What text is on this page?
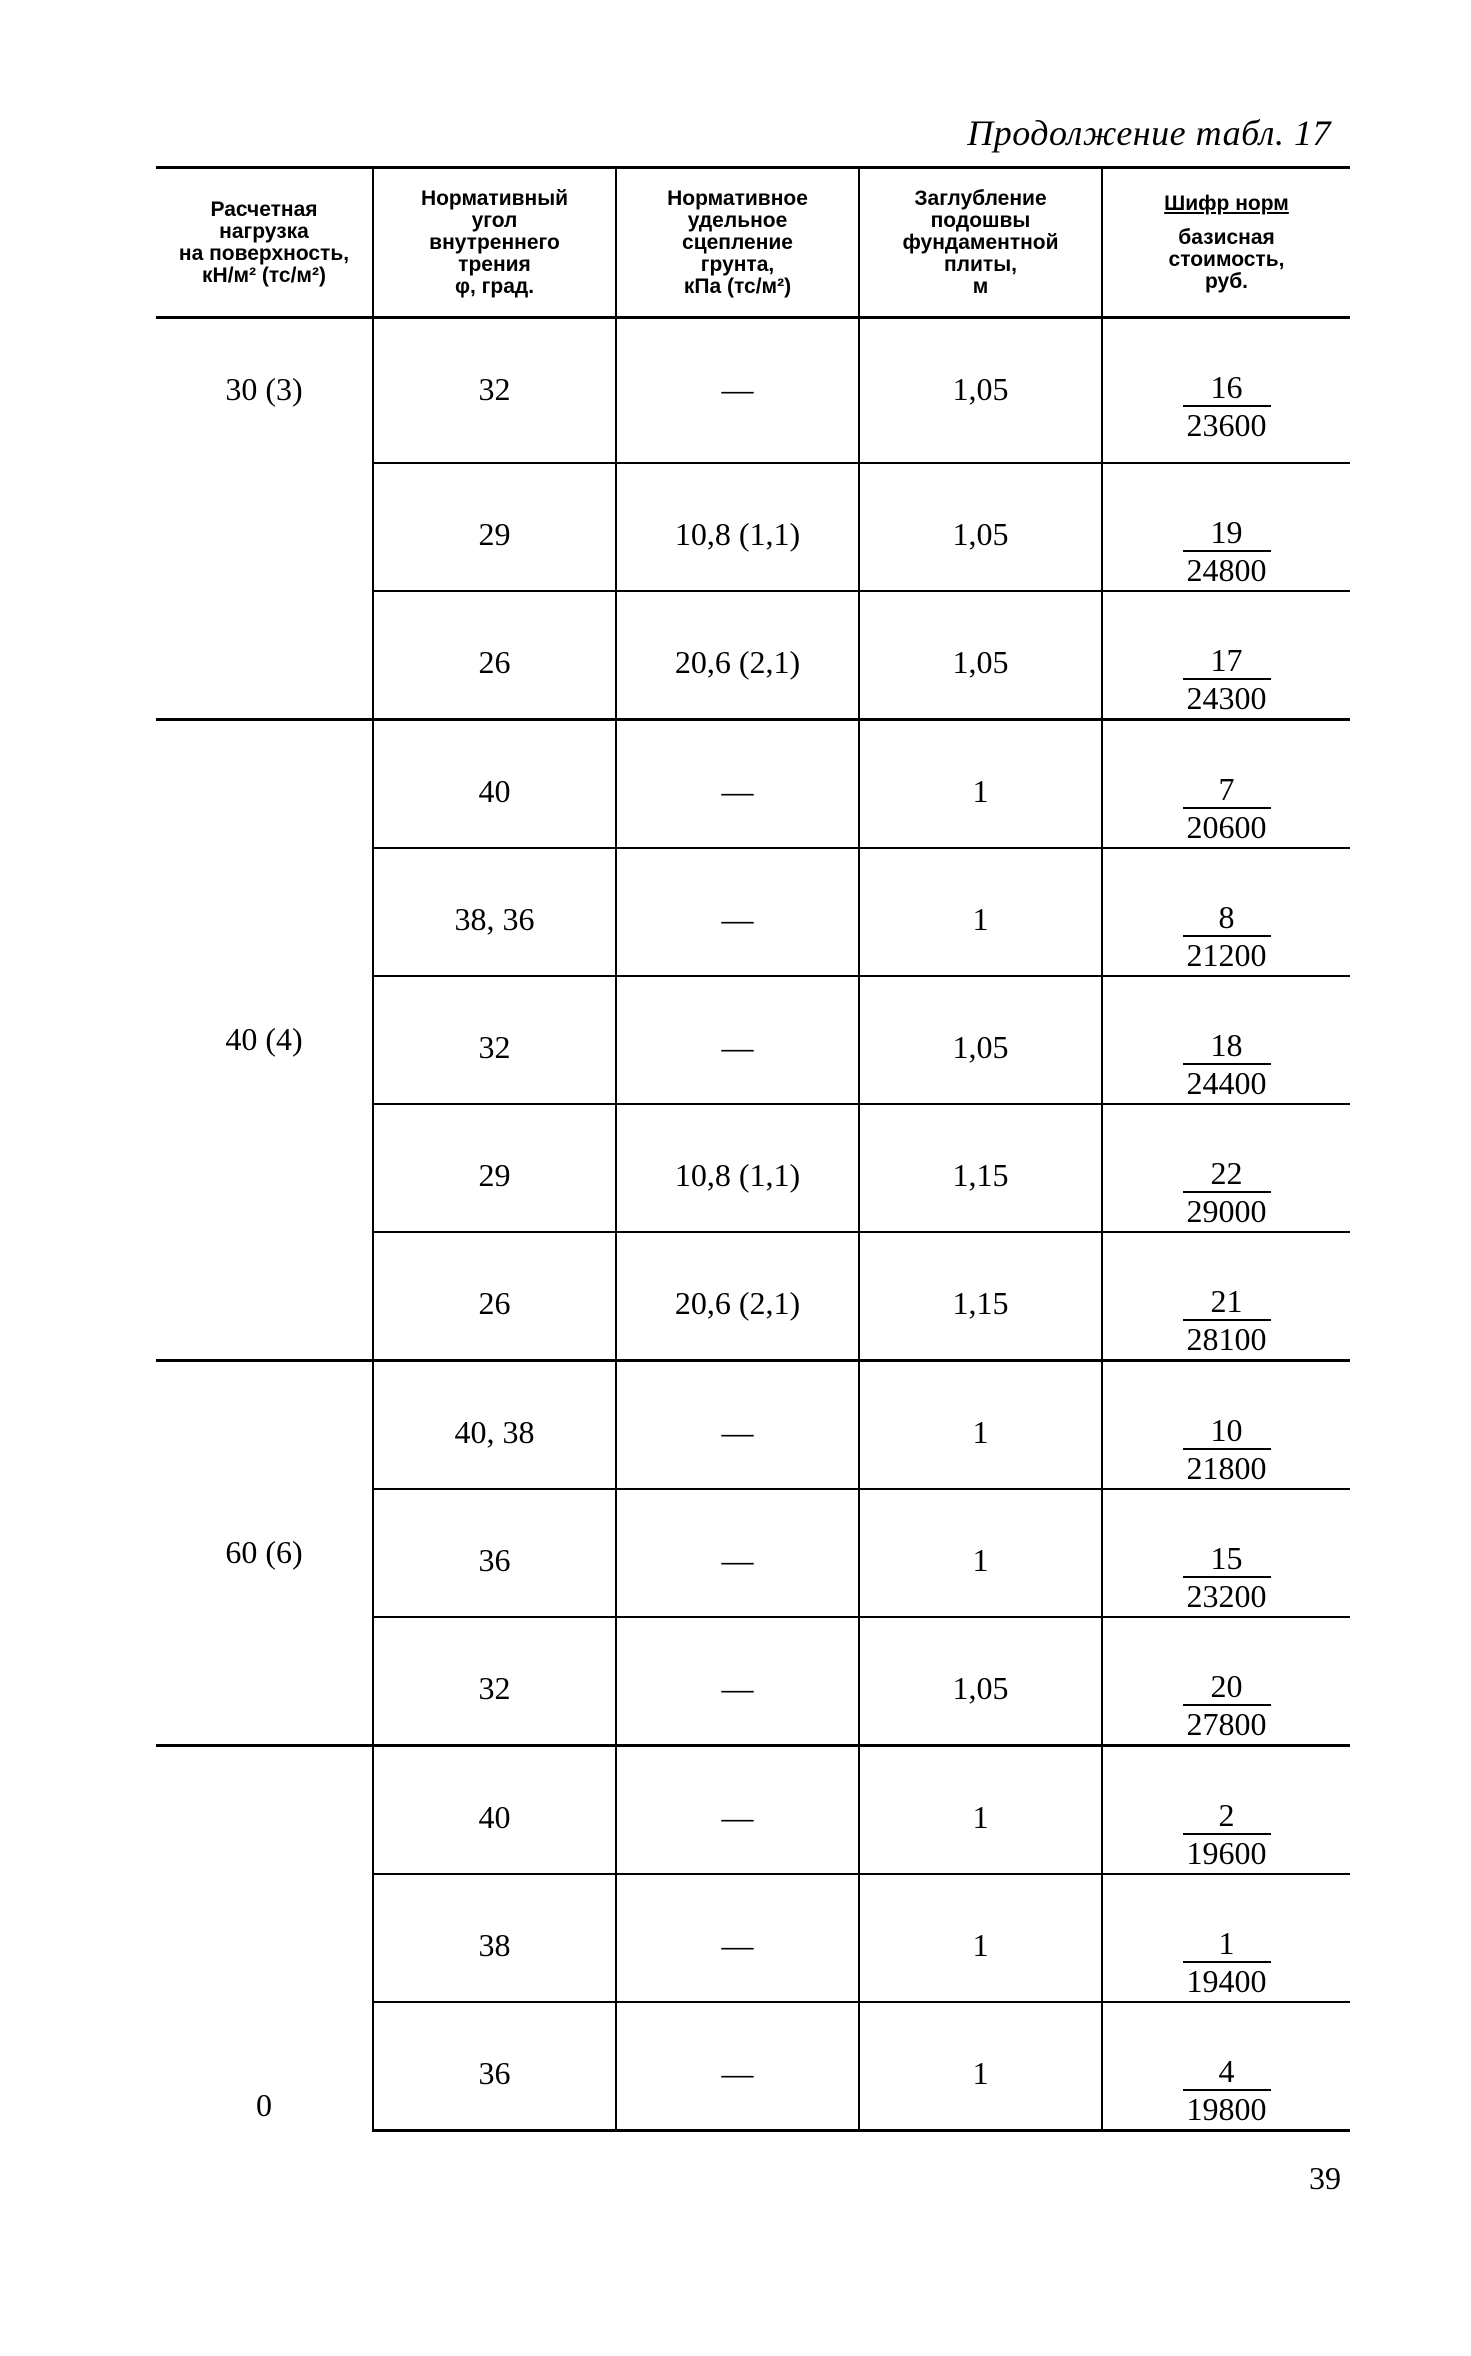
Продолжение табл. 17
Расчетная
нагрузка
на поверхность,
кН/м² (тс/м²)	Нормативный
угол
внутреннего
трения
φ, град.	Нормативное
удельное
сцепление
грунта,
кПа (тс/м²)	Заглубление
подошвы
фундаментной
плиты,
м	Шифр норм
базисная
стоимость,
руб.

30 (3)	32	—	1,05	$\frac{16}{23600}$

	29	10,8 (1,1)	1,05	$\frac{19}{24800}$

	26	20,6 (2,1)	1,05	$\frac{17}{24300}$

40 (4)	40	—	1	$\frac{7}{20600}$

	38, 36	—	1	$\frac{8}{21200}$

	32	—	1,05	$\frac{18}{24400}$

	29	10,8 (1,1)	1,15	$\frac{22}{29000}$

	26	20,6 (2,1)	1,15	$\frac{21}{28100}$

60 (6)	40, 38	—	1	$\frac{10}{21800}$

	36	—	1	$\frac{15}{23200}$

	32	—	1,05	$\frac{20}{27800}$

0	40	—	1	$\frac{2}{19600}$

	38	—	1	$\frac{1}{19400}$

	36	—	1	$\frac{4}{19800}$
39
